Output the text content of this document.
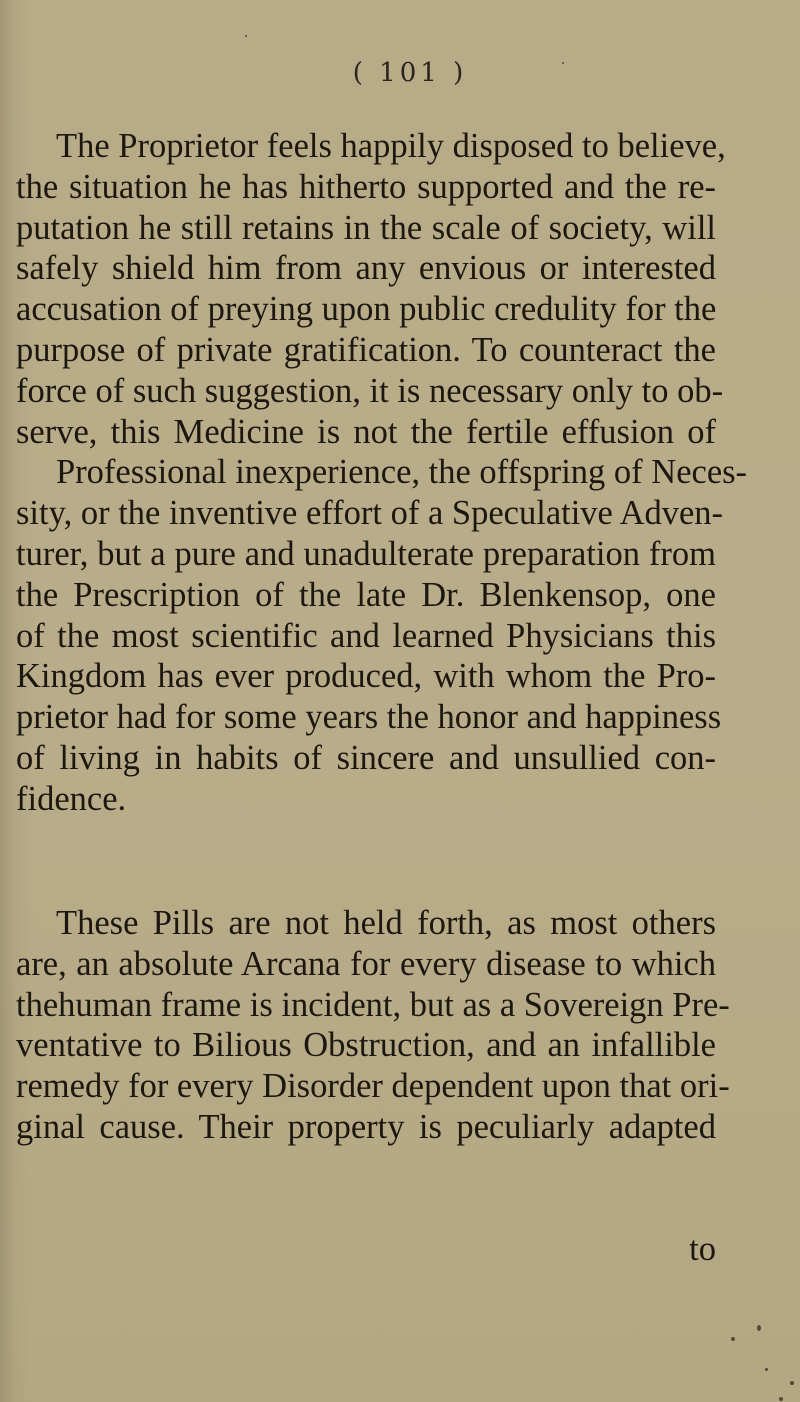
( 101 )
The Proprietor feels happily disposed to believe,
the situation he has hitherto supported and the re-
putation he still retains in the scale of society, will
safely shield him from any envious or interested
accusation of preying upon public credulity for the
purpose of private gratification. To counteract the
force of such suggestion, it is necessary only to ob-
serve, this Medicine is not the fertile effusion of
Professional inexperience, the offspring of Neces-
sity, or the inventive effort of a Speculative Adven-
turer, but a pure and unadulterate preparation from
the Prescription of the late Dr. Blenkensop, one
of the most scientific and learned Physicians this
Kingdom has ever produced, with whom the Pro-
prietor had for some years the honor and happiness
of living in habits of sincere and unsullied con-
fidence.
These Pills are not held forth, as most others
are, an absolute Arcana for every disease to which
thehuman frame is incident, but as a Sovereign Pre-
ventative to Bilious Obstruction, and an infallible
remedy for every Disorder dependent upon that ori-
ginal cause. Their property is peculiarly adapted
to
